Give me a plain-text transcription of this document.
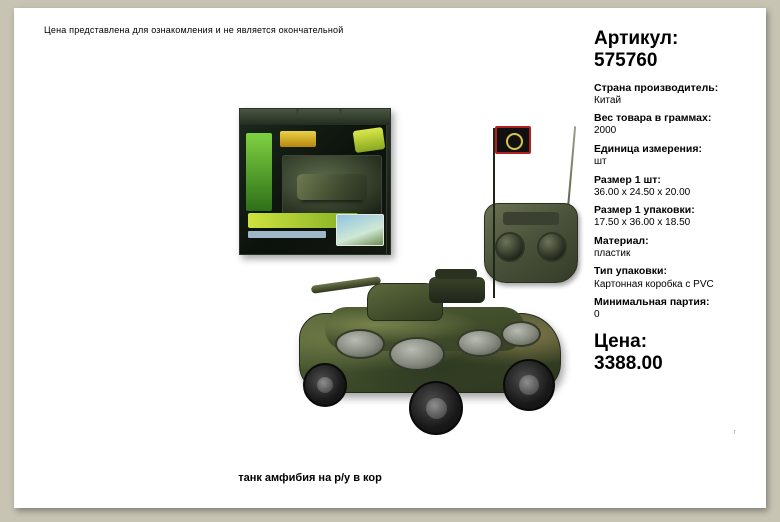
Цена представлена для ознакомления и не является окончательной
r
Артикул:
575760
Страна производитель:
Китай
Вес товара в граммах:
2000
Единица измерения:
шт
Размер 1 шт:
36.00 x 24.50 x 20.00
Размер 1 упаковки:
17.50 x 36.00 x 18.50
Материал:
пластик
Тип упаковки:
Картонная коробка с PVC
Минимальная партия:
0
Цена:
3388.00
танк амфибия на р/у в кор
